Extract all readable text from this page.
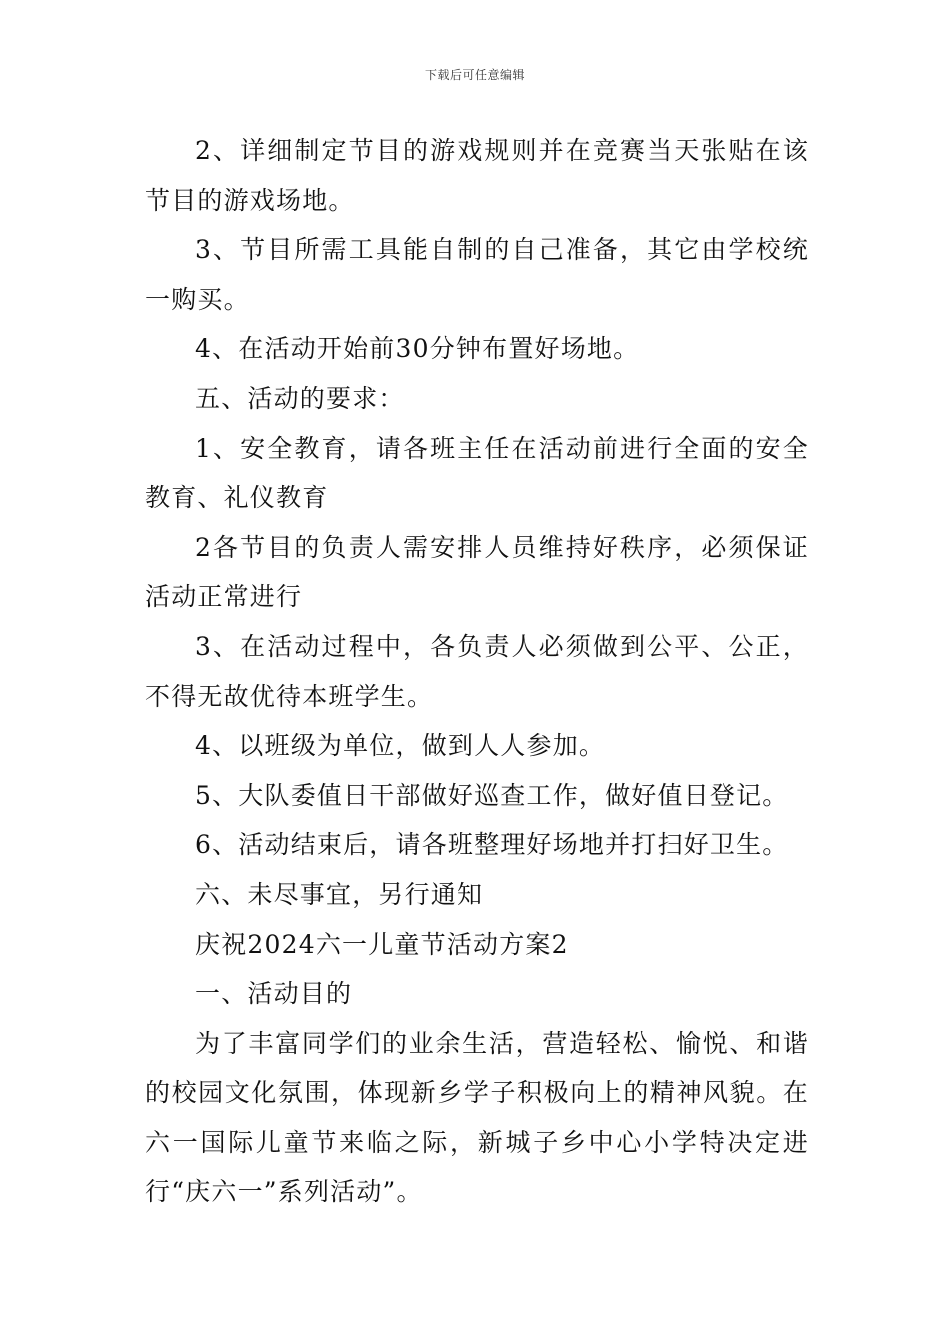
下载后可任意编辑

2、详细制定节目的游戏规则并在竞赛当天张贴在该节目的游戏场地。

3、节目所需工具能自制的自己准备，其它由学校统一购买。

4、在活动开始前30分钟布置好场地。

五、活动的要求：

1、安全教育，请各班主任在活动前进行全面的安全教育、礼仪教育

2各节目的负责人需安排人员维持好秩序，必须保证活动正常进行

3、在活动过程中，各负责人必须做到公平、公正，不得无故优待本班学生。

4、以班级为单位，做到人人参加。

5、大队委值日干部做好巡查工作，做好值日登记。

6、活动结束后，请各班整理好场地并打扫好卫生。

六、未尽事宜，另行通知

庆祝2024六一儿童节活动方案2

一、活动目的

为了丰富同学们的业余生活，营造轻松、愉悦、和谐的校园文化氛围，体现新乡学子积极向上的精神风貌。在六一国际儿童节来临之际，新城子乡中心小学特决定进行“庆六一”系列活动”。
